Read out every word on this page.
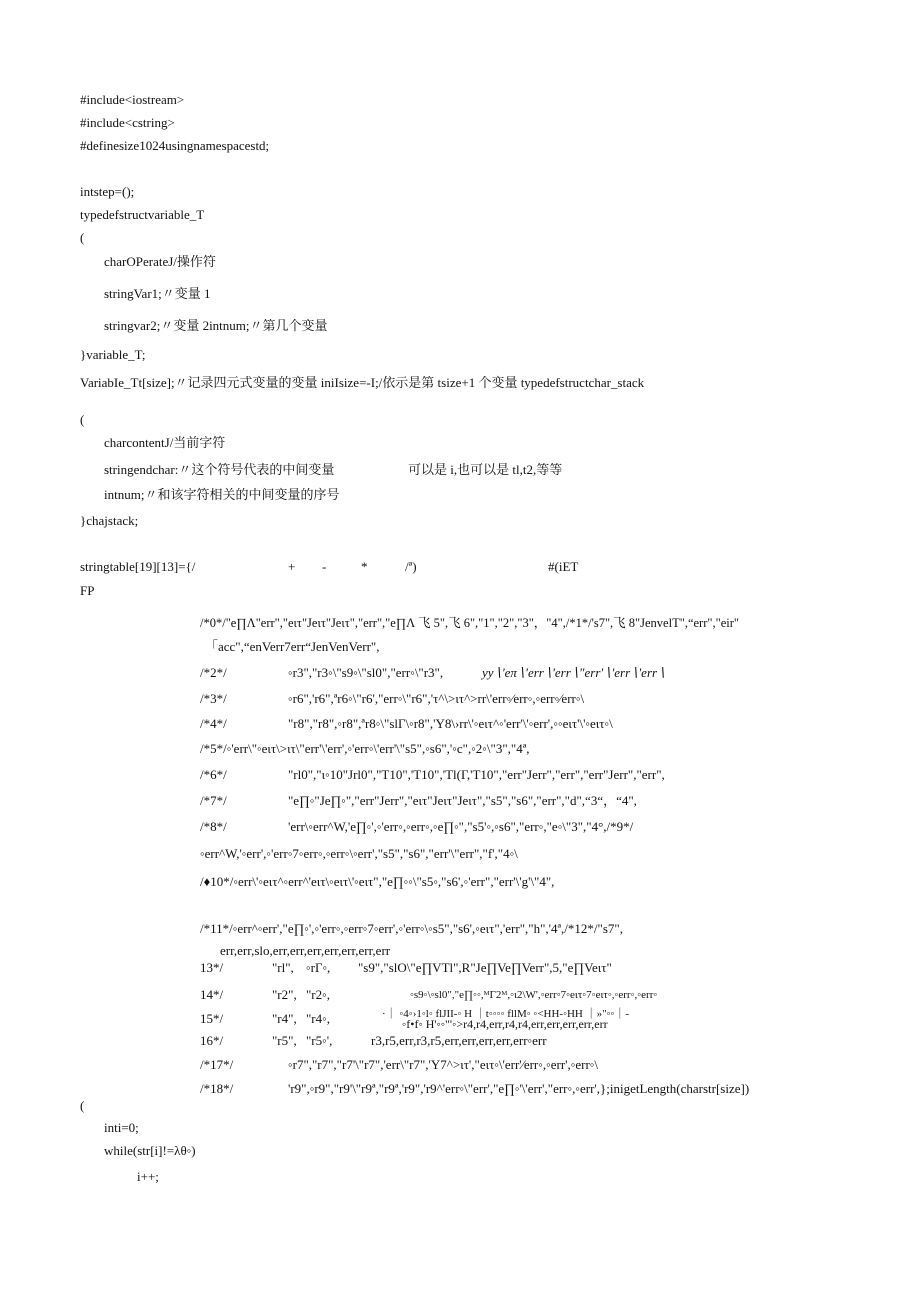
#include<iostream>
#include<cstring>
#definesize1024usingnamespacestd;
intstep=();
typedefstructvariable_T
(
charOPerateJ/操作符
stringVar1;〃变量 1
stringvar2;〃变量 2intnum;〃第几个变量
}variable_T;
VariabIe_Tt[size];〃记录四元式变量的变量 iniIsize=-I;/依示是第 tsize+1 个变量 typedefstructchar_stack
(
charcontentJ/当前字符
stringendchar:〃这个符号代表的中间变量	可以是 i,也可以是 tl,t2,等等
intnum;〃和该字符相关的中间变量的序号
}chajstack;
stringtable[19][13]={/	+ -	*	/ª)	#(iET
FP
/*0*/"e∏Λ"err","eιτ"Jeιτ"Jeιτ","err","e∏Λ 飞 5",飞 6","1","2","3"，"4",/*1*/'s7",飞 8"JenvelT",“err","eir"
「acc",“enVerr7err“JenVenVerr",
/*2*/	◦r3","r3◦\"s9◦\"sl0","err◦\"r3",	yy∖'eπ∖'err∖'err∖"err'∖'err∖'err∖
/*3*/	◦r6",'r6",ªr6◦\"r6',"err◦\"r6",'τ^\>ιτ^>rr\'err◦∕err◦,◦err◦∕err◦\
/*4*/	"r8","r8",◦r8",ªr8◦\"slΓ\◦r8",'Y8\›rr\'◦eιτ^◦'err'\'◦err',◦◦eιτ'\'◦eιτ◦\
/*5*/◦'err\"◦eιτ\>ιτ\"err'\'err',◦'err◦\'err'\"s5",◦s6",'◦c",◦2◦\"3","4ª,
/*6*/	"rl0","ι◦10"Jrl0","T10",'T10",'Tl(Γ,'T10","err"Jerr","err","err"Jerr","err",
/*7*/	"e∏◦"Je∏◦","err"Jerr","eιτ"Jeιτ"Jeιτ","s5","s6","err","d",“3“，“4",
/*8*/	'err\◦err^W,'e∏◦',◦'err◦,◦err◦,◦e∏◦","s5'◦,◦s6","err◦,"e◦\"3","4°,/*9*/
◦err^W,'◦err',◦'err◦7◦err◦,◦err◦\◦err',"s5","s6","err'\"err","f',"4◦\
/♦10*/◦err\'◦eιτ^◦err^'eιτ\◦eιτ\'◦eιτ","e∏◦◦\"s5◦,"s6',◦'err","err'\'g'\"4",
/*11*/◦err^◦err',"e∏◦',◦'err◦,◦err◦7◦err',◦'err◦\◦s5","s6',◦eιτ",'err","h",'4ª,/*12*/"s7",
err,err,slo,err,err,err,err,err,err,err
13*/	"rl", ◦rΓ◦, "s9","slO\"e∏VTl",R"Je∏Ve∏Verr",5,"e∏Veιτ"
14*/	"r2", "r2◦,	◦s9◦\◦sl0","e∏◦◦,ᴹΓ2ᴹ,◦ι2\W',◦err◦7◦eιτ◦7◦eιτ◦,◦err◦,◦err◦
15*/	"r4", "r4◦,	·｜ ◦4◦›1◦l◦ flJII-◦ H ｜t◦◦◦◦ fllM◦ ◦<HH-◦HH ｜»"◦◦｜-
◦f•f◦ H'◦◦"'◦>r4,r4,err,r4,r4,err,err,err,err,err
16*/	"r5", "r5◦',	r3,r5,err,r3,r5,err,err,err,err,err◦err
/*17*/	◦r7","r7","r7'\"r7",'err\"r7",'Y7^>ιτ',"eιτ◦\'err'∕err◦,◦err',◦err◦\
/*18*/	'r9",◦r9","r9'\"r9ª,"r9ª,'r9",'r9^'err◦\"err',"e∏◦'\'err',"err◦,◦err',};inigetLength(charstr[size])
(
inti=0;
while(str[i]!=λθ◦)
i++;
